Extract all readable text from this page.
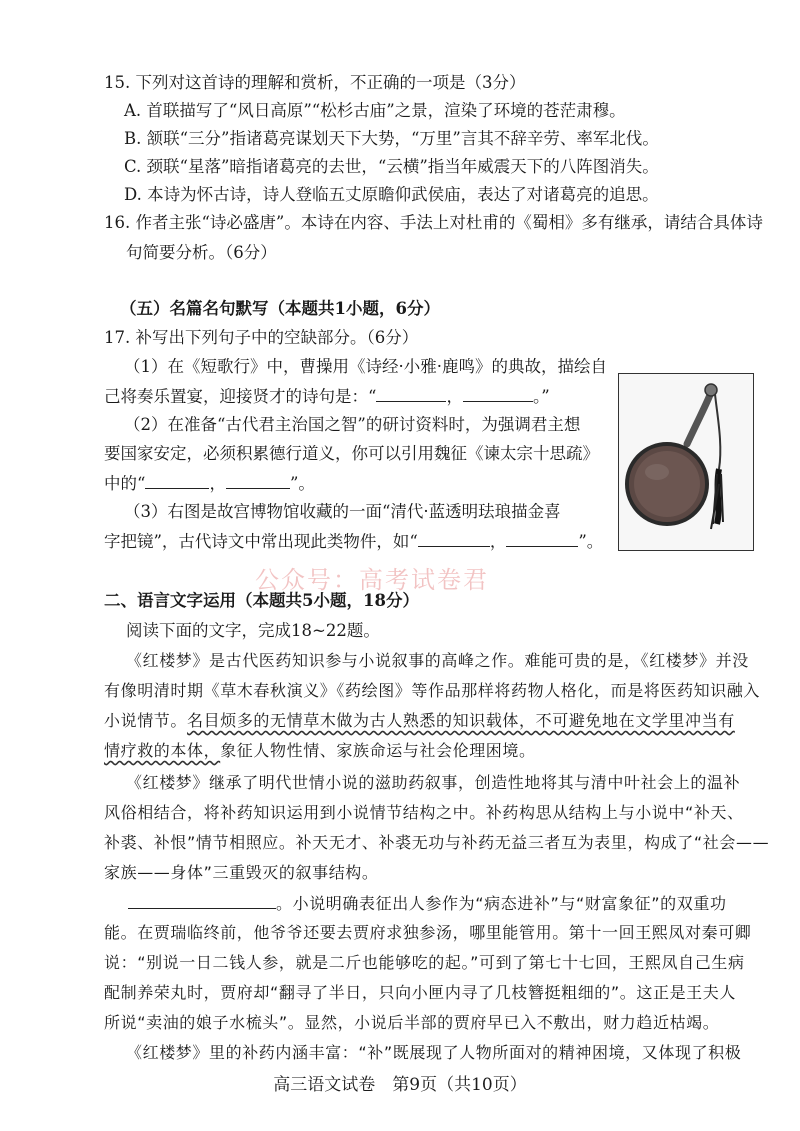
15. 下列对这首诗的理解和赏析，不正确的一项是（3分）
A. 首联描写了“风日高原”“松杉古庙”之景，渲染了环境的苍茫肃穆。
B. 颔联“三分”指诸葛亮谋划天下大势，“万里”言其不辞辛劳、率军北伐。
C. 颈联“星落”暗指诸葛亮的去世，“云横”指当年威震天下的八阵图消失。
D. 本诗为怀古诗，诗人登临五丈原瞻仰武侯庙，表达了对诸葛亮的追思。
16. 作者主张“诗必盛唐”。本诗在内容、手法上对杜甫的《蜀相》多有继承，请结合具体诗
句简要分析。（6分）
（五）名篇名句默写（本题共1小题，6分）
17. 补写出下列句子中的空缺部分。（6分）
（1）在《短歌行》中，曹操用《诗经·小雅·鹿鸣》的典故，描绘自
己将奏乐置宴，迎接贤才的诗句是：“	，	。”
（2）在准备“古代君主治国之智”的研讨资料时，为强调君主想
要国家安定，必须积累德行道义，你可以引用魏征《谏太宗十思疏》
中的“	，	”。
（3）右图是故宫博物馆收藏的一面“清代·蓝透明珐琅描金喜
字把镜”，古代诗文中常出现此类物件，如“	，	”。
公众号：高考试卷君
二、语言文字运用（本题共5小题，18分）
阅读下面的文字，完成18~22题。
《红楼梦》是古代医药知识参与小说叙事的高峰之作。难能可贵的是，《红楼梦》并没
有像明清时期《草木春秋演义》《药绘图》等作品那样将药物人格化，而是将医药知识融入
小说情节。名目烦多的无情草木做为古人熟悉的知识载体，不可避免地在文学里冲当有
情疗救的本体，象征人物性情、家族命运与社会伦理困境。
《红楼梦》继承了明代世情小说的滋助药叙事，创造性地将其与清中叶社会上的温补
风俗相结合，将补药知识运用到小说情节结构之中。补药构思从结构上与小说中“补天、
补裘、补恨”情节相照应。补天无才、补裘无功与补药无益三者互为表里，构成了“社会——
家族——身体”三重毁灭的叙事结构。
。小说明确表征出人参作为“病态进补”与“财富象征”的双重功
能。在贾瑞临终前，他爷爷还要去贾府求独参汤，哪里能管用。第十一回王熙凤对秦可卿
说：“别说一日二钱人参，就是二斤也能够吃的起。”可到了第七十七回，王熙凤自己生病
配制养荣丸时，贾府却“翻寻了半日，只向小匣内寻了几枝簪挺粗细的”。这正是王夫人
所说“卖油的娘子水梳头”。显然，小说后半部的贾府早已入不敷出，财力趋近枯竭。
《红楼梦》里的补药内涵丰富：“补”既展现了人物所面对的精神困境，又体现了积极
高三语文试卷　第9页（共10页）
